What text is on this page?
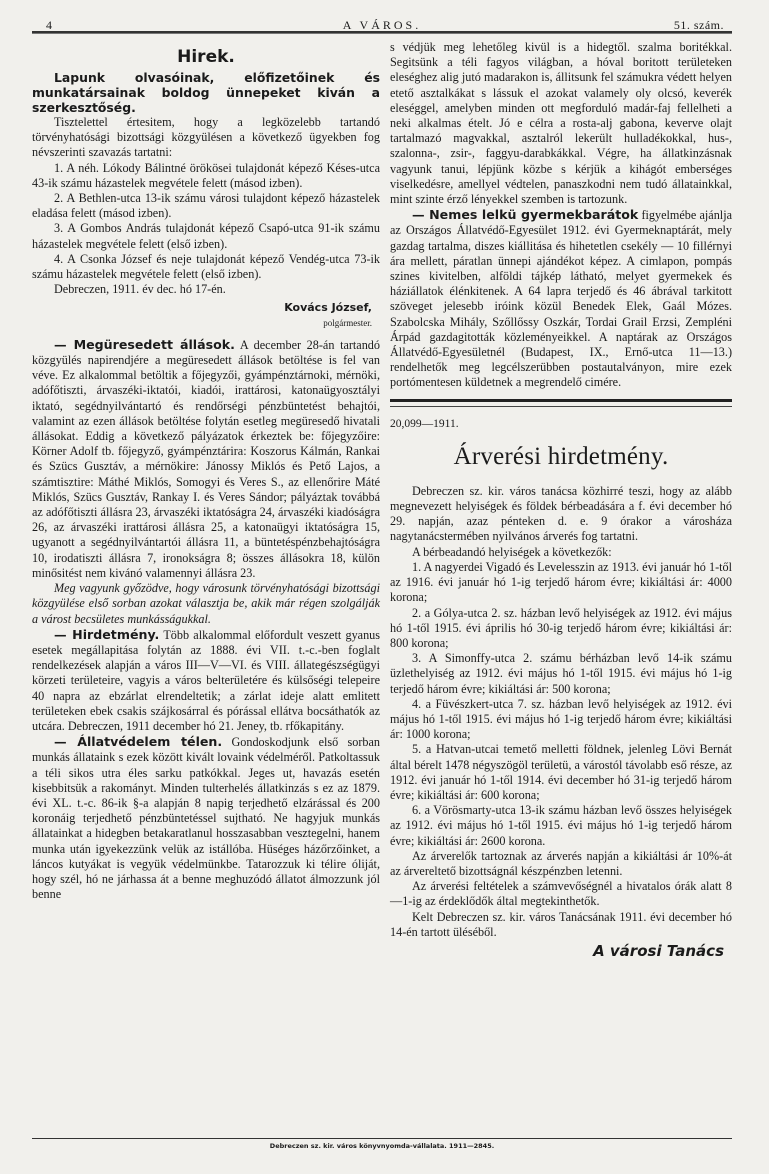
4	A VÁROS.	51. szám.
Hirek.

Lapunk olvasóinak, előfizetőinek és munkatársainak boldog ünnepeket kiván a szerkesztőség.

Tisztelettel értesitem, hogy a legközelebb tartandó törvényhatósági bizottsági közgyülésen a következő ügyekben fog névszerinti szavazás tartatni:

1. A néh. Lókody Bálintné örökösei tulajdonát képező Késes-utca 43-ik számu házastelek megvétele felett (másod izben).

2. A Bethlen-utca 13-ik számu városi tulajdont képező házastelek eladása felett (másod izben).

3. A Gombos András tulajdonát képező Csapó-utca 91-ik számu házastelek megvétele felett (első izben).

4. A Csonka József és neje tulajdonát képező Vendég-utca 73-ik számu házastelek megvétele felett (első izben).

Debreczen, 1911. év dec. hó 17-én.

Kovács József,
polgármester.

— Megüresedett állások. A december 28-án tartandó közgyülés napirendjére a megüresedett állások betöltése is fel van véve. Ez alkalommal betöltik a főjegyzői, gyámpénztárnoki, mérnöki, adófőtiszti, árvaszéki-iktatói, kiadói, irattárosi, katonaügyosztályi iktató, segédnyilvántartó és rendőrségi pénzbüntetést behajtói, valamint az ezen állások betöltése folytán esetleg megüresedő hivatali állásokat. Eddig a következő pályázatok érkeztek be: főjegyzőire: Körner Adolf tb. főjegyző, gyámpénztárira: Koszorus Kálmán, Rankai és Szücs Gusztáv, a mérnökire: Jánossy Miklós és Pető Lajos, a számtisztire: Máthé Miklós, Somogyi és Veres S., az ellenőrire Máté Miklós, Szücs Gusztáv, Rankay I. és Veres Sándor; pályáztak továbbá az adófőtiszti állásra 23, árvaszéki iktatóságra 24, árvaszéki kiadóságra 26, az árvaszéki irattárosi állásra 25, a katonaügyi iktatóságra 15, ugyanott a segédnyilvántartói állásra 11, a büntetéspénzbehajtóságra 10, irodatiszti állásra 7, ironokságra 8; összes állásokra 18, külön minősitést nem kivánó valamennyi állásra 23.

Meg vagyunk győzödve, hogy városunk törvényhatósági bizottsági közgyülése első sorban azokat választja be, akik már régen szolgálják a várost becsületes munkásságukkal.

— Hirdetmény. Több alkalommal előfordult veszett gyanus esetek megállapitása folytán az 1888. évi VII. t.-c.-ben foglalt rendelkezések alapján a város III—V—VI. és VIII. állategészségügyi körzeti területeire, vagyis a város belterületére és külsőségi telepeire 40 napra az ebzárlat elrendeltetik; a zárlat ideje alatt emlitett területeken ebek csakis szájkosárral és pórással ellátva bocsáthatók az utcára. Debreczen, 1911 december hó 21. Jeney, tb. rfőkapitány.

— Állatvédelem télen. Gondoskodjunk első sorban munkás állataink s ezek között kivált lovaink védelméről. Patkoltassuk a téli sikos utra éles sarku patkókkal. Jeges ut, havazás esetén kisebbitsük a rakományt. Minden tulterhelés állatkinzás s ez az 1879. évi XL. t.-c. 86-ik §-a alapján 8 napig terjedhető elzárással és 200 koronáig terjedhető pénzbüntetéssel sujtható. Ne hagyjuk munkás állatainkat a hidegben betakaratlanul hosszasabban vesztegelni, hanem munka után igyekezzünk velük az istállóba. Hüséges házőrzőinket, a láncos kutyákat is vegyük védelmünkbe. Tatarozzuk ki télire óliját, hogy szél, hó ne járhassa át a benne meghuzódó állatot álmozzunk jól benne

s védjük meg lehetőleg kivül is a hidegtől. szalma boritékkal. Segitsünk a téli fagyos világban, a hóval boritott területeken eleséghez alig jutó madarakon is, állitsunk fel számukra védett helyen etető asztalkákat s lássuk el azokat valamely oly olcsó, keverék eleséggel, amelyben minden ott megforduló madár-faj fellelheti a neki alkalmas ételt. Jó e célra a rosta-alj gabona, keverve olajt tartalmazó magvakkal, asztalról lekerült hulladékokkal, hus-, szalonna-, zsir-, faggyu-darabkákkal. Végre, ha állatkinzásnak vagyunk tanui, lépjünk közbe s kérjük a kihágót emberséges viselkedésre, amellyel védtelen, panaszkodni nem tudó állatainkkal, mint szinte érző lényekkel szemben is tartozunk.

— Nemes lelkü gyermekbarátok figyelmébe ajánlja az Országos Állatvédő-Egyesület 1912. évi Gyermeknaptárát, mely gazdag tartalma, diszes kiállitása és hihetetlen csekély — 10 fillérnyi ára mellett, páratlan ünnepi ajándékot képez. A cimlapon, pompás szines kivitelben, alföldi tájkép látható, melyet gyermekek és háziállatok élénkitenek. A 64 lapra terjedő és 46 ábrával tarkitott szöveget jelesebb iróink közül Benedek Elek, Gaál Mózes. Szabolcska Mihály, Szőllőssy Oszkár, Tordai Grail Erzsi, Zempléni Árpád gazdagitották közleményeikkel. A naptárak az Országos Állatvédő-Egyesületnél (Budapest, IX., Ernő-utca 11—13.) rendelhetők meg legcélszerübben postautalványon, mire ezek portómentesen küldetnek a megrendelő cimére.

20,099—1911.
Árverési hirdetmény.

Debreczen sz. kir. város tanácsa közhirré teszi, hogy az alább megnevezett helyiségek és földek bérbeadására a f. évi december hó 29. napján, azaz pénteken d. e. 9 órakor a városháza nagytanácstermében nyilvános árverés fog tartatni.

A bérbeadandó helyiségek a következők:

1. A nagyerdei Vigadó és Levelesszin az 1913. évi január hó 1-től az 1916. évi január hó 1-ig terjedő három évre; kikiáltási ár: 4000 korona;

2. a Gólya-utca 2. sz. házban levő helyiségek az 1912. évi május hó 1-től 1915. évi április hó 30-ig terjedő három évre; kikiáltási ár: 800 korona;

3. A Simonffy-utca 2. számu bérházban levő 14-ik számu üzlethelyiség az 1912. évi május hó 1-től 1915. évi május hó 1-ig terjedő három évre; kikiáltási ár: 500 korona;

4. a Füvészkert-utca 7. sz. házban levő helyiségek az 1912. évi május hó 1-től 1915. évi május hó 1-ig terjedő három évre; kikiáltási ár: 1000 korona;

5. a Hatvan-utcai temető melletti földnek, jelenleg Lövi Bernát által bérelt 1478 négyszögöl területü, a várostól távolabb eső része, az 1912. évi január hó 1-től 1914. évi december hó 31-ig terjedő három évre; kikiáltási ár: 600 korona;

6. a Vörösmarty-utca 13-ik számu házban levő összes helyiségek az 1912. évi május hó 1-től 1915. évi május hó 1-ig terjedő három évre; kikiáltási ár: 2600 korona.

Az árverelők tartoznak az árverés napján a kikiáltási ár 10%-át az árvereltető bizottságnál készpénzben letenni.

Az árverési feltételek a számvevőségnél a hivatalos órák alatt 8—1-ig az érdeklődők által megtekinthetők.

Kelt Debreczen sz. kir. város Tanácsának 1911. évi december hó 14-én tartott üléséből.

A városi Tanács
Debreczen sz. kir. város könyvnyomda-vállalata. 1911—2845.
